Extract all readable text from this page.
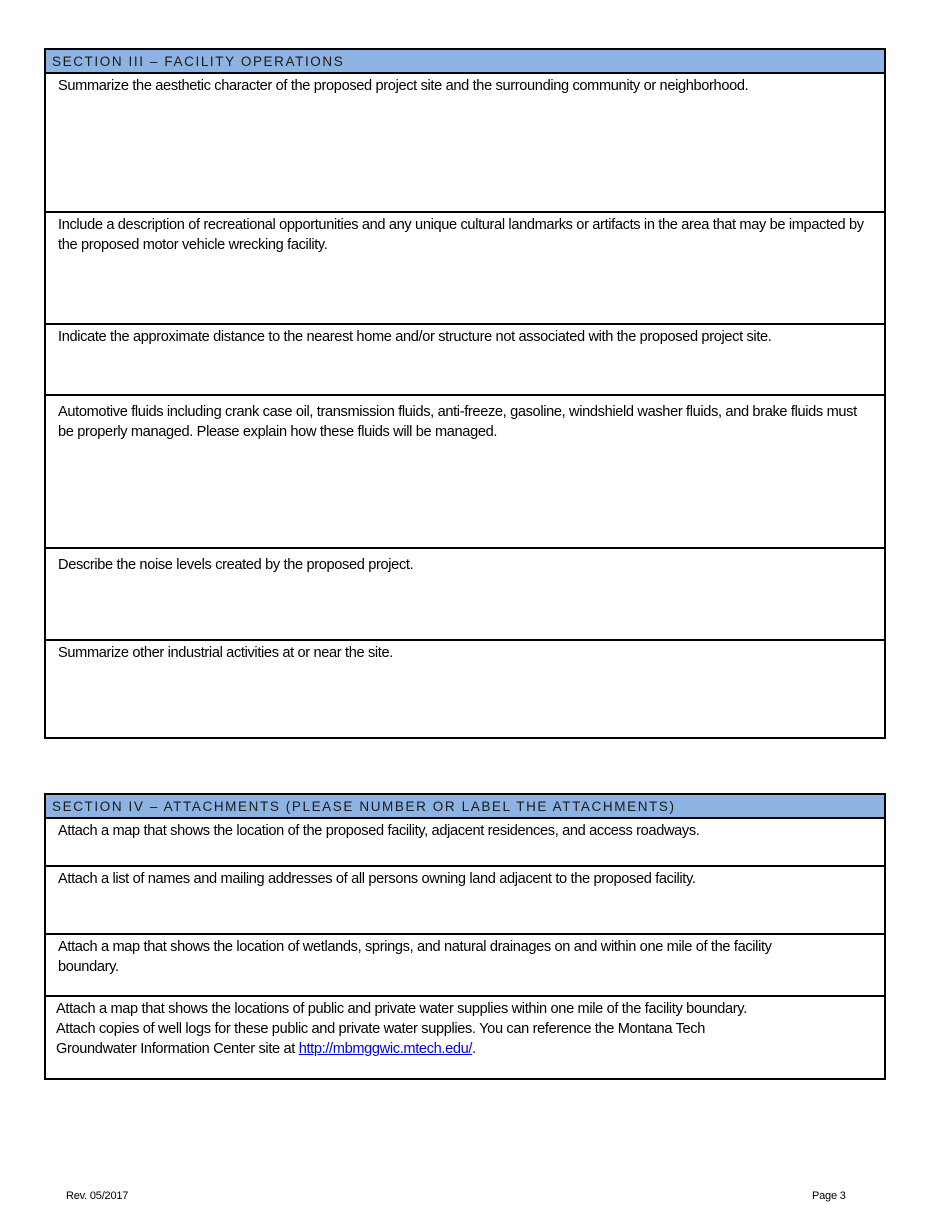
SECTION III – FACILITY OPERATIONS

Summarize the aesthetic character of the proposed project site and the surrounding community or neighborhood.

Include a description of recreational opportunities and any unique cultural landmarks or artifacts in the area that may be impacted by the proposed motor vehicle wrecking facility.

Indicate the approximate distance to the nearest home and/or structure not associated with the proposed project site.

Automotive fluids including crank case oil, transmission fluids, anti-freeze, gasoline, windshield washer fluids, and brake fluids must be properly managed. Please explain how these fluids will be managed.

Describe the noise levels created by the proposed project.

Summarize other industrial activities at or near the site.

SECTION IV – ATTACHMENTS (PLEASE NUMBER OR LABEL THE ATTACHMENTS)

Attach a map that shows the location of the proposed facility, adjacent residences, and access roadways.

Attach a list of names and mailing addresses of all persons owning land adjacent to the proposed facility.

Attach a map that shows the location of wetlands, springs, and natural drainages on and within one mile of the facility boundary.

Attach a map that shows the locations of public and private water supplies within one mile of the facility boundary. Attach copies of well logs for these public and private water supplies. You can reference the Montana Tech Groundwater Information Center site at http://mbmggwic.mtech.edu/.

Rev. 05/2017	Page 3
